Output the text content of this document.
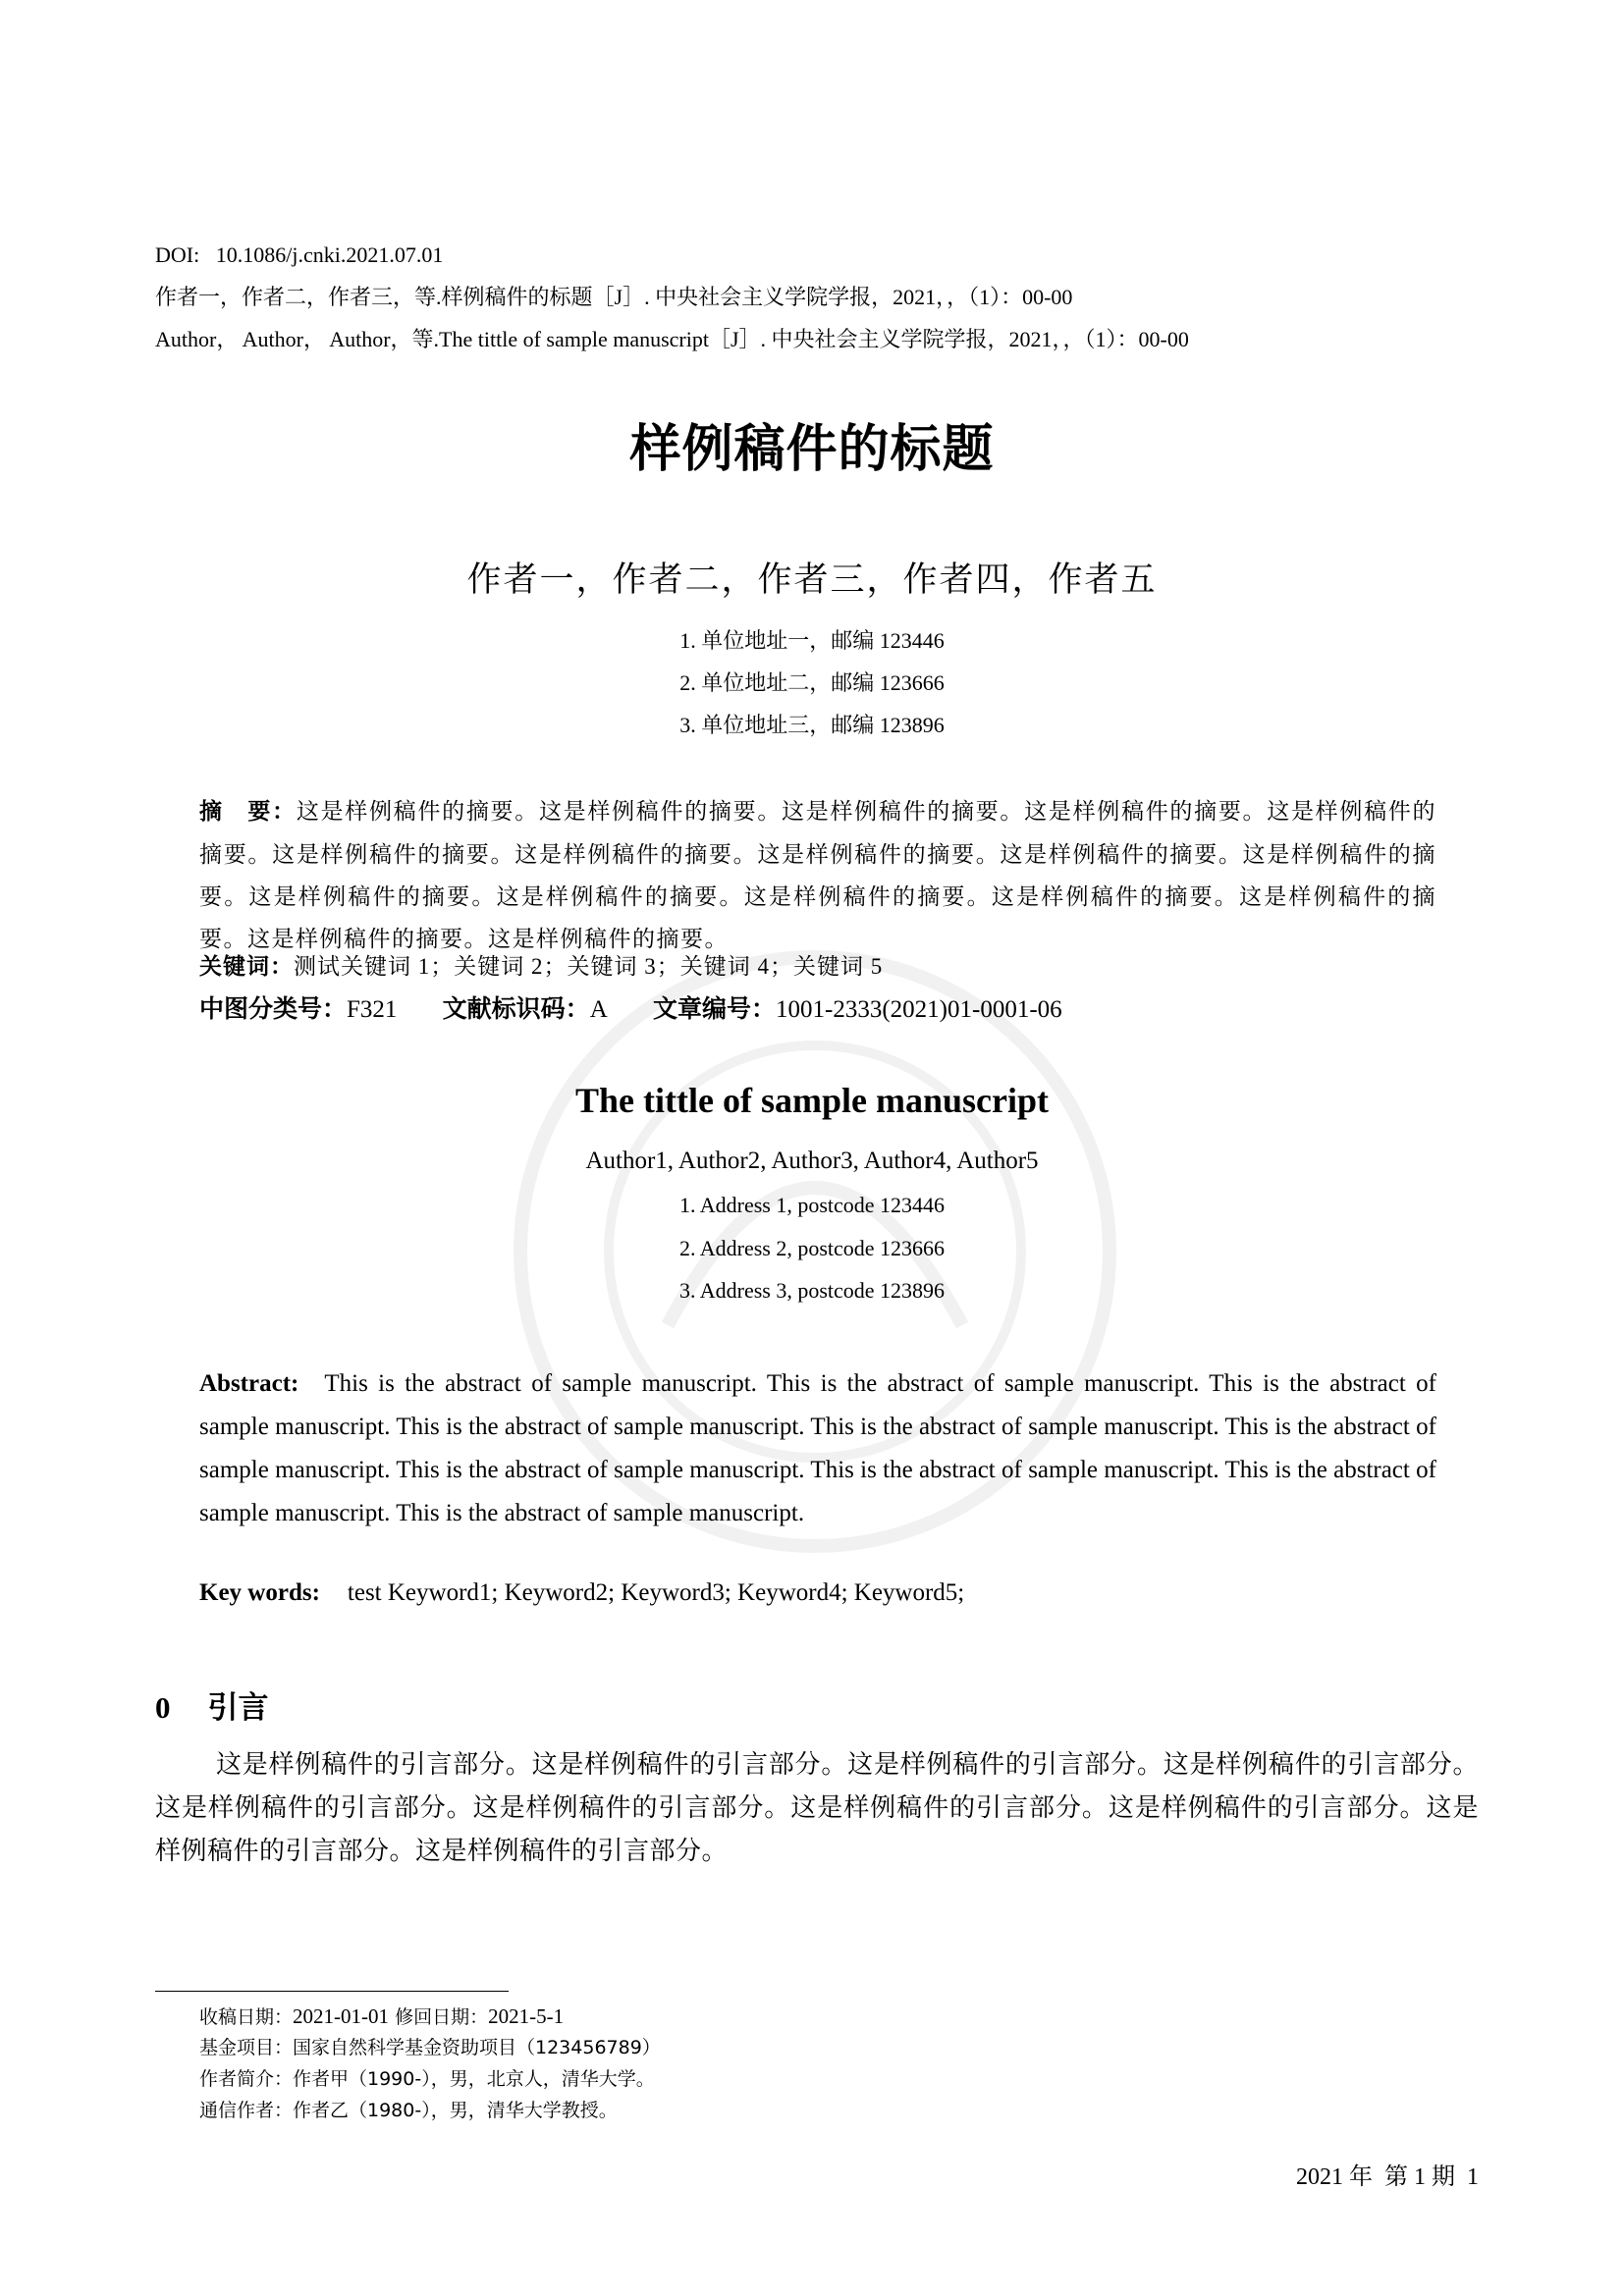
DOI: 10.1086/j.cnki.2021.07.01
作者一，作者二，作者三，等.样例稿件的标题［J］. 中央社会主义学院学报，2021，，（1）：00-00
Author， Author， Author，等.The tittle of sample manuscript［J］. 中央社会主义学院学报，2021，，（1）：00-00
样例稿件的标题
作者一，作者二，作者三，作者四，作者五
1. 单位地址一，邮编 123446
2. 单位地址二，邮编 123666
3. 单位地址三，邮编 123896
摘　要：这是样例稿件的摘要。这是样例稿件的摘要。这是样例稿件的摘要。这是样例稿件的摘要。这是样例稿件的摘要。这是样例稿件的摘要。这是样例稿件的摘要。这是样例稿件的摘要。这是样例稿件的摘要。这是样例稿件的摘要。这是样例稿件的摘要。这是样例稿件的摘要。这是样例稿件的摘要。这是样例稿件的摘要。这是样例稿件的摘要。这是样例稿件的摘要。这是样例稿件的摘要。
关键词：测试关键词 1；关键词 2；关键词 3；关键词 4；关键词 5
中图分类号：F321 文献标识码：A 文章编号：1001-2333(2021)01-0001-06
The tittle of sample manuscript
Author1, Author2, Author3, Author4, Author5
1. Address 1, postcode 123446
2. Address 2, postcode 123666
3. Address 3, postcode 123896
Abstract: This is the abstract of sample manuscript. This is the abstract of sample manuscript. This is the abstract of sample manuscript. This is the abstract of sample manuscript. This is the abstract of sample manuscript. This is the abstract of sample manuscript. This is the abstract of sample manuscript. This is the abstract of sample manuscript. This is the abstract of sample manuscript. This is the abstract of sample manuscript.
Key words: test Keyword1; Keyword2; Keyword3; Keyword4; Keyword5;
0 引言
这是样例稿件的引言部分。这是样例稿件的引言部分。这是样例稿件的引言部分。这是样例稿件的引言部分。这是样例稿件的引言部分。这是样例稿件的引言部分。这是样例稿件的引言部分。这是样例稿件的引言部分。这是样例稿件的引言部分。这是样例稿件的引言部分。
收稿日期：2021-01-01 修回日期：2021-5-1
基金项目：国家自然科学基金资助项目（123456789）
作者简介：作者甲（1990-），男，北京人，清华大学。
通信作者：作者乙（1980-），男，清华大学教授。
2021 年 第 1 期 1
